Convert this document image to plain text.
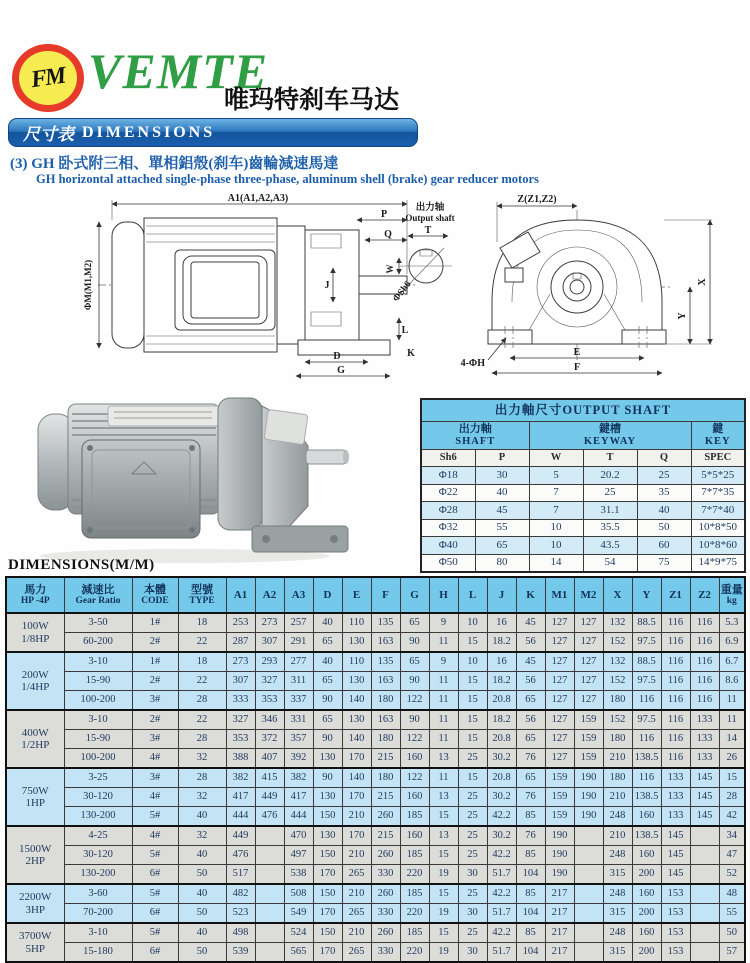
FM VEMTE
唯玛特刹车马达
尺寸表 DIMENSIONS
(3) GH 卧式附三相、單相鋁殼(刹车)齒輪減速馬達
GH horizontal attached single-phase three-phase, aluminum shell (brake) gear reducer motors
A1(A1,A2,A3)
ΦM(M1,M2)
P
Q
J
L
K
D
G
出力轴
Output shaft
T
W
ΦSh6
Z(Z1,Z2)
X
Y
E
F
4-ΦH
出力軸尺寸OUTPUT SHAFT					

出力軸
SHAFT

鍵槽
KEYWAY

鍵
KEY

Sh6	P	W	T	Q	SPEC
Φ18	30	5	20.2	25	5*5*25
Φ22	40	7	25	35	7*7*35
Φ28	45	7	31.1	40	7*7*40
Φ32	55	10	35.5	50	10*8*50
Φ40	65	10	43.5	60	10*8*60
Φ50	80	14	54	75	14*9*75
DIMENSIONS(M/M)
馬力
HP -4P

減速比
Gear Ratio

本體
CODE

型號
TYPE	A1	A2	A3	D	E	F	G	H	L	J	K	M1	M2	X	Y	Z1	Z2	重量
kg

100W
1/8HP	3-50	1#	18	253	273	257	40	110	135	65	9	10	16	45	127	127	132	88.5	116	116	5.3
	60-200	2#	22	287	307	291	65	130	163	90	11	15	18.2	56	127	127	152	97.5	116	116	6.9

200W
1/4HP	3-10	1#	18	273	293	277	40	110	135	65	9	10	16	45	127	127	132	88.5	116	116	6.7
	15-90	2#	22	307	327	311	65	130	163	90	11	15	18.2	56	127	127	152	97.5	116	116	8.6
	100-200	3#	28	333	353	337	90	140	180	122	11	15	20.8	65	127	127	180	116	116	116	11

400W
1/2HP	3-10	2#	22	327	346	331	65	130	163	90	11	15	18.2	56	127	159	152	97.5	116	133	11
	15-90	3#	28	353	372	357	90	140	180	122	11	15	20.8	65	127	159	180	116	116	133	14
	100-200	4#	32	388	407	392	130	170	215	160	13	25	30.2	76	127	159	210	138.5	116	133	26

750W
1HP	3-25	3#	28	382	415	382	90	140	180	122	11	15	20.8	65	159	190	180	116	133	145	15
	30-120	4#	32	417	449	417	130	170	215	160	13	25	30.2	76	159	190	210	138.5	133	145	28
	130-200	5#	40	444	476	444	150	210	260	185	15	25	42.2	85	159	190	248	160	133	145	42

1500W
2HP	4-25	4#	32	449		470	130	170	215	160	13	25	30.2	76	190		210	138.5	145		34
	30-120	5#	40	476		497	150	210	260	185	15	25	42.2	85	190		248	160	145		47
	130-200	6#	50	517		538	170	265	330	220	19	30	51.7	104	190		315	200	145		52

2200W
3HP	3-60	5#	40	482		508	150	210	260	185	15	25	42.2	85	217		248	160	153		48
	70-200	6#	50	523		549	170	265	330	220	19	30	51.7	104	217		315	200	153		55

3700W
5HP	3-10	5#	40	498		524	150	210	260	185	15	25	42.2	85	217		248	160	153		50
	15-180	6#	50	539		565	170	265	330	220	19	30	51.7	104	217		315	200	153		57
